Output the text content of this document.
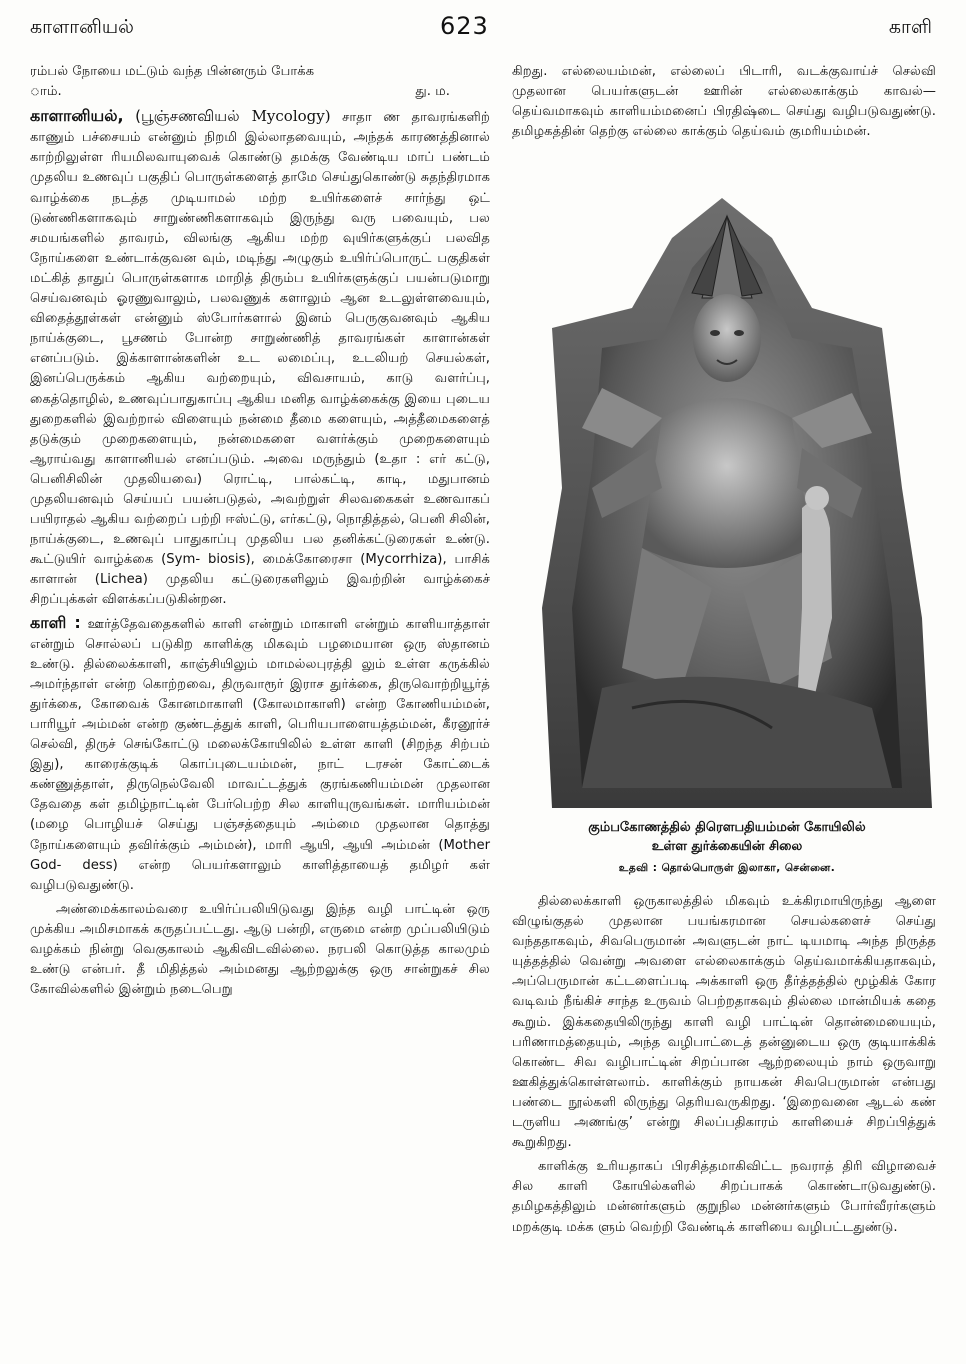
காளானியல்	623	காளி

ரம்பல் நோயை மட்டும் வந்த பின்னரும் போக்க

ாம்.	து. ம.

காளானியல், (பூஞ்சணவியல் Mycology) சாதா ண தாவரங்களிற் காணும் பச்சையம் என்னும் நிறமி இல்லாதவையும், அந்தக் காரணத்தினால் காற்றிலுள்ள ரியமிலவாயுவைக் கொண்டு தமக்கு வேண்டிய மாப் பண்டம் முதலிய உணவுப் பகுதிப் பொருள்களைத் தாமே செய்துகொண்டு சுதந்திரமாக வாழ்க்கை நடத்த முடியாமல் மற்ற உயிர்களைச் சார்ந்து ஒட் டுண்ணிகளாகவும் சாறுண்ணிகளாகவும் இருந்து வரு பவையும், பல சமயங்களில் தாவரம், விலங்கு ஆகிய மற்ற வுயிர்களுக்குப் பலவித நோய்களை உண்டாக்குவன வும், மடிந்து அழுகும் உயிர்ப்பொருட் பகுதிகள் மட்கித் தாதுப் பொருள்களாக மாறித் திரும்ப உயிர்களுக்குப் பயன்படுமாறு செய்வனவும் ஓரணுவாலும், பலவணுக் களாலும் ஆன உடலுள்ளவையும், விதைத்தூள்கள் என்னும் ஸ்போர்களால் இனம் பெருகுவனவும் ஆகிய நாய்க்குடை, பூசணம் போன்ற சாறுண்ணித் தாவரங்கள் காளான்கள் எனப்படும். இக்காளான்களின் உட லமைப்பு, உடலியற் செயல்கள், இனப்பெருக்கம் ஆகிய வற்றையும், விவசாயம், காடு வளர்ப்பு, கைத்தொழில், உணவுப்பாதுகாப்பு ஆகிய மனித வாழ்க்கைக்கு இயை புடைய துறைகளில் இவற்றால் விளையும் நன்மை தீமை களையும், அத்தீமைகளைத் தடுக்கும் முறைகளையும், நன்மைகளை வளர்க்கும் முறைகளையும் ஆராய்வது காளானியல் எனப்படும். அவை மருந்தும் (உதா : எர் கட்டு, பெனிசிலின் முதலியவை) ரொட்டி, பால்கட்டி, காடி, மதுபானம் முதலியனவும் செய்யப் பயன்படுதல், அவற்றுள் சிலவகைகள் உணவாகப் பயிராதல் ஆகிய வற்றைப் பற்றி ஈஸ்ட்டு, எர்கட்டு, நொதித்தல், பெனி சிலின், நாய்க்குடை, உணவுப் பாதுகாப்பு முதலிய பல தனிக்கட்டுரைகள் உண்டு. கூட்டுயிர் வாழ்க்கை (Sym- biosis), மைக்கோரைசா (Mycorrhiza), பாசிக் காளான் (Lichea) முதலிய கட்டுரைகளிலும் இவற்றின் வாழ்க்கைச் சிறப்புக்கள் விளக்கப்படுகின்றன.

காளி : ஊர்த்தேவதைகளில் காளி என்றும் மாகாளி என்றும் காளியாத்தாள் என்றும் சொல்லப் படுகிற காளிக்கு மிகவும் பழமையான ஒரு ஸ்தானம் உண்டு. தில்லைக்காளி, காஞ்சியிலும் மாமல்லபுரத்தி லும் உள்ள கருக்கில் அமர்ந்தாள் என்ற கொற்றவை, திருவாரூர் இராச துர்க்கை, திருவொற்றியூர்த் துர்க்கை, கோவைக் கோனமாகாளி (கோலமாகாளி) என்ற கோணியம்மன், பாரியூர் அம்மன் என்ற குண்டத்துக் காளி, பெரியபாளையத்தம்மன், கீரனூர்ச் செல்வி, திருச் செங்கோட்டு மலைக்கோயிலில் உள்ள காளி (சிறந்த சிற்பம் இது), காரைக்குடிக் கொப்புடையம்மன், நாட் டரசன் கோட்டைக் கண்ணுத்தாள், திருநெல்வேலி மாவட்டத்துக் குரங்கணியம்மன் முதலான தேவதை கள் தமிழ்நாட்டின் பேர்பெற்ற சில காளியுருவங்கள். மாரியம்மன் (மழை பொழியச் செய்து பஞ்சத்தையும் அம்மை முதலான தொத்து நோய்களையும் தவிர்க்கும் அம்மன்), மாரி ஆயி, ஆயி அம்மன் (Mother God- dess) என்ற பெயர்களாலும் காளித்தாயைத் தமிழர் கள் வழிபடுவதுண்டு.

அண்மைக்காலம்வரை உயிர்ப்பலியிடுவது இந்த வழி பாட்டின் ஒரு முக்கிய அமிசமாகக் கருதப்பட்டது. ஆடு பன்றி, எருமை என்ற முப்பலியிடும் வழக்கம் நின்று வெகுகாலம் ஆகிவிடவில்லை. நரபலி கொடுத்த காலமும் உண்டு என்பர். தீ மிதித்தல் அம்மனது ஆற்றலுக்கு ஒரு சான்றுகச் சில கோவில்களில் இன்றும் நடைபெறு

கிறது. எல்லையம்மன், எல்லைப் பிடாரி, வடக்குவாய்ச் செல்வி முதலான பெயர்களுடன் ஊரின் எல்லைகாக்கும் காவல்—தெய்வமாகவும் காளியம்மனைப் பிரதிஷ்டை செய்து வழிபடுவதுண்டு. தமிழகத்தின் தெற்கு எல்லை காக்கும் தெய்வம் குமரியம்மன்.

கும்பகோணத்தில் திரௌபதியம்மன் கோயிலில்
உள்ள துர்க்கையின் சிலை
உதவி : தொல்பொருள் இலாகா, சென்னை.

தில்லைக்காளி ஒருகாலத்தில் மிகவும் உக்கிரமாயிருந்து ஆளை விழுங்குதல் முதலான பயங்கரமான செயல்களைச் செய்து வந்ததாகவும், சிவபெருமான் அவளுடன் நாட் டியமாடி அந்த நிருத்த யுத்தத்தில் வென்று அவளை எல்லைகாக்கும் தெய்வமாக்கியதாகவும், அப்பெருமான் கட்டளைப்படி அக்காளி ஒரு தீர்த்தத்தில் மூழ்கிக் கோர வடிவம் நீங்கிச் சாந்த உருவம் பெற்றதாகவும் தில்லை மான்மியக் கதை கூறும். இக்கதையிலிருந்து காளி வழி பாட்டின் தொன்மையையும், பரிணாமத்தையும், அந்த வழிபாட்டைத் தன்னுடைய ஒரு குடியாக்கிக் கொண்ட சிவ வழிபாட்டின் சிறப்பான ஆற்றலையும் நாம் ஒருவாறு ஊகித்துக்கொள்ளலாம். காளிக்கும் நாயகன் சிவபெருமான் என்பது பண்டை நூல்களி லிருந்து தெரியவருகிறது. ‘இறைவனை ஆடல் கண் டருளிய அணங்கு’ என்று சிலப்பதிகாரம் காளியைச் சிறப்பித்துக் கூறுகிறது.

காளிக்கு உரியதாகப் பிரசித்தமாகிவிட்ட நவராத் திரி விழாவைச் சில காளி கோயில்களில் சிறப்பாகக் கொண்டாடுவதுண்டு. தமிழகத்திலும் மன்னர்களும் குறுநில மன்னர்களும் போர்வீரர்களும் மறக்குடி மக்க ளும் வெற்றி வேண்டிக் காளியை வழிபட்டதுண்டு.
